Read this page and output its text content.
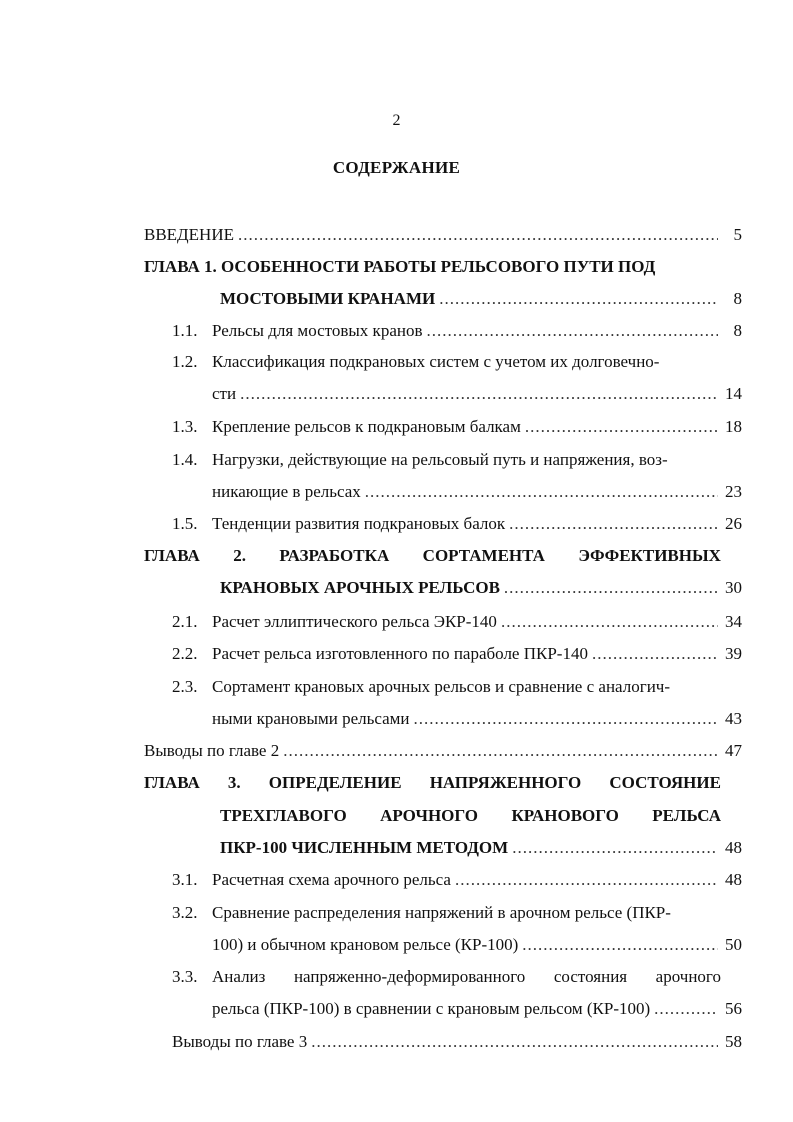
2
СОДЕРЖАНИЕ
ВВЕДЕНИЕ .....	5
ГЛАВА 1. ОСОБЕННОСТИ РАБОТЫ РЕЛЬСОВОГО ПУТИ ПОД
МОСТОВЫМИ КРАНАМИ .....	8
1.1. Рельсы для мостовых кранов .....	8
1.2. Классификация подкрановых систем с учетом их долговечно-
сти .....	14
1.3. Крепление рельсов к подкрановым балкам .....	18
1.4. Нагрузки, действующие на рельсовый путь и напряжения, воз-
никающие в рельсах .....	23
1.5. Тенденции развития подкрановых балок .....	26
ГЛАВА 2. РАЗРАБОТКА СОРТАМЕНТА ЭФФЕКТИВНЫХ
КРАНОВЫХ АРОЧНЫХ РЕЛЬСОВ .....	30
2.1. Расчет эллиптического рельса ЭКР-140 .....	34
2.2. Расчет рельса изготовленного по параболе ПКР-140 .....	39
2.3. Сортамент крановых арочных рельсов и сравнение с аналогич-
ными крановыми рельсами .....	43
Выводы по главе 2 .....	47
ГЛАВА 3. ОПРЕДЕЛЕНИЕ НАПРЯЖЕННОГО СОСТОЯНИЕ
ТРЕХГЛАВОГО АРОЧНОГО КРАНОВОГО РЕЛЬСА
ПКР-100 ЧИСЛЕННЫМ МЕТОДОМ .....	48
3.1. Расчетная схема арочного рельса .....	48
3.2. Сравнение распределения напряжений в арочном рельсе (ПКР-
100) и обычном крановом рельсе (КР-100) .....	50
3.3. Анализ напряженно-деформированного состояния арочного
рельса (ПКР-100) в сравнении с крановым рельсом (КР-100) .....	56
Выводы по главе 3 .....	58
